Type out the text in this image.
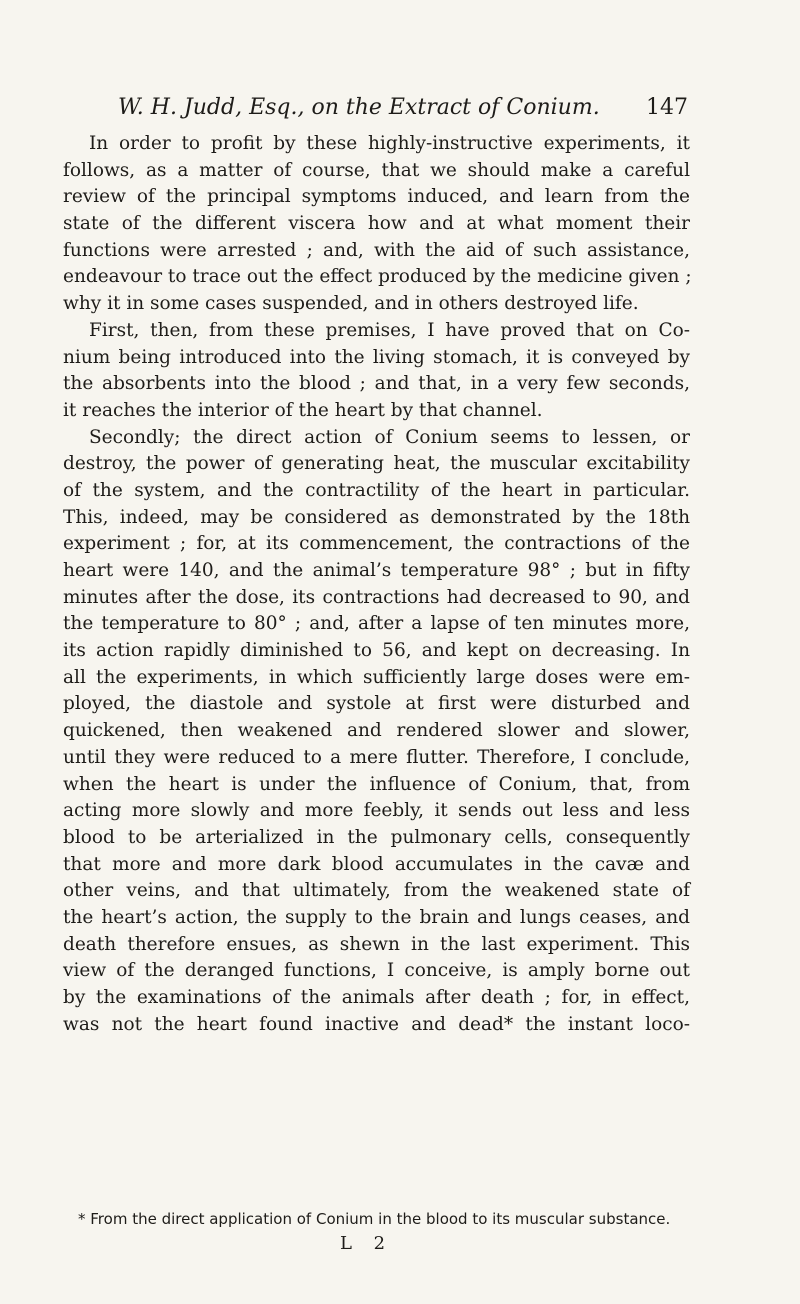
W. H. Judd, Esq., on the Extract of Conium. 147
In order to profit by these highly-instructive experiments, it
follows, as a matter of course, that we should make a careful
review of the principal symptoms induced, and learn from the
state of the different viscera how and at what moment their
functions were arrested ; and, with the aid of such assistance,
endeavour to trace out the effect produced by the medicine given ;
why it in some cases suspended, and in others destroyed life.
First, then, from these premises, I have proved that on Co-
nium being introduced into the living stomach, it is conveyed by
the absorbents into the blood ; and that, in a very few seconds,
it reaches the interior of the heart by that channel.
Secondly; the direct action of Conium seems to lessen, or
destroy, the power of generating heat, the muscular excitability
of the system, and the contractility of the heart in particular.
This, indeed, may be considered as demonstrated by the 18th
experiment ; for, at its commencement, the contractions of the
heart were 140, and the animal’s temperature 98° ; but in fifty
minutes after the dose, its contractions had decreased to 90, and
the temperature to 80° ; and, after a lapse of ten minutes more,
its action rapidly diminished to 56, and kept on decreasing. In
all the experiments, in which sufficiently large doses were em-
ployed, the diastole and systole at first were disturbed and
quickened, then weakened and rendered slower and slower,
until they were reduced to a mere flutter. Therefore, I conclude,
when the heart is under the influence of Conium, that, from
acting more slowly and more feebly, it sends out less and less
blood to be arterialized in the pulmonary cells, consequently
that more and more dark blood accumulates in the cavæ and
other veins, and that ultimately, from the weakened state of
the heart’s action, the supply to the brain and lungs ceases, and
death therefore ensues, as shewn in the last experiment. This
view of the deranged functions, I conceive, is amply borne out
by the examinations of the animals after death ; for, in effect,
was not the heart found inactive and dead* the instant loco-
* From the direct application of Conium in the blood to its muscular substance.
L 2
